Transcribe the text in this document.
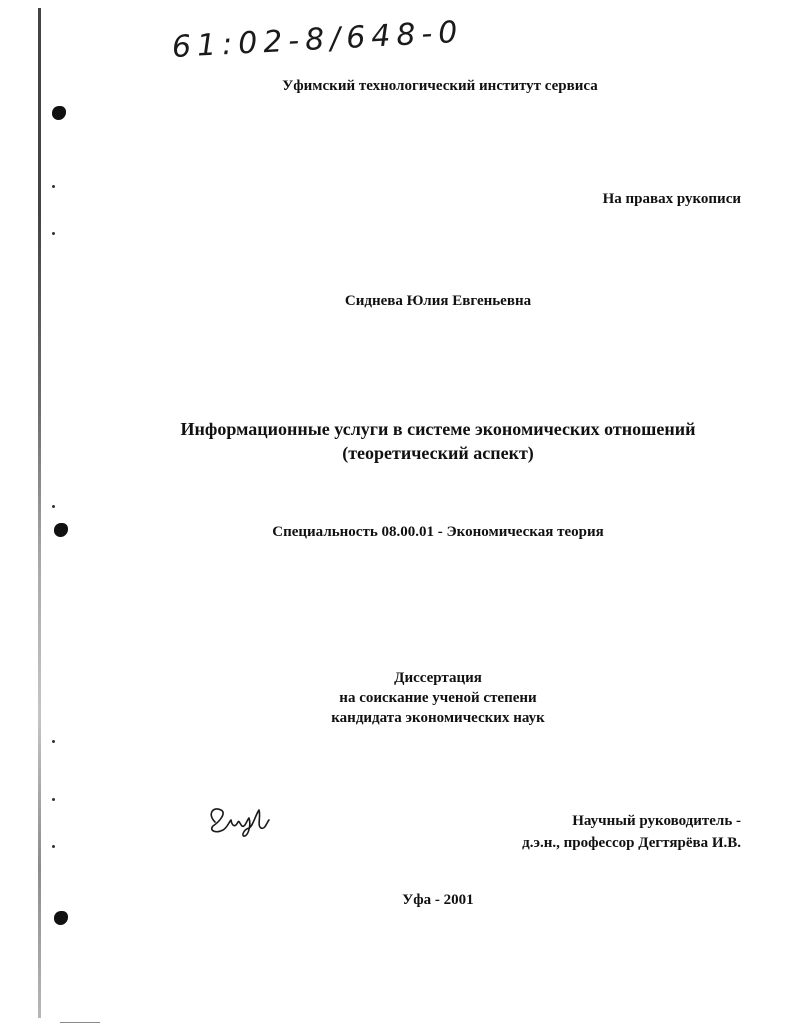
61:02-8/648-0
Уфимский технологический институт сервиса
На правах рукописи
Сиднева Юлия Евгеньевна
Информационные услуги в системе экономических отношений
(теоретический аспект)
Специальность 08.00.01 - Экономическая теория
Диссертация
на соискание ученой степени
кандидата экономических наук
Научный руководитель -
д.э.н., профессор Дегтярёва И.В.
Уфа - 2001
